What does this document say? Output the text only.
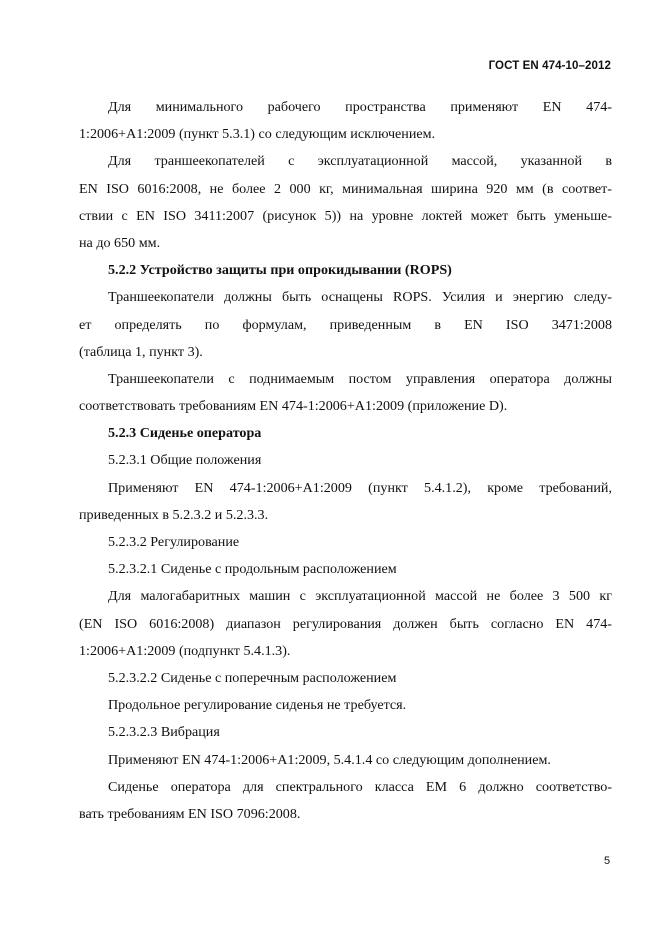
ГОСТ EN 474-10–2012
Для минимального рабочего пространства применяют EN 474-
1:2006+А1:2009 (пункт 5.3.1) со следующим исключением.
Для траншеекопателей с эксплуатационной массой, указанной в
EN ISO 6016:2008, не более 2 000 кг, минимальная ширина 920 мм (в соответ-
ствии с EN ISO 3411:2007 (рисунок 5)) на уровне локтей может быть уменьше-
на до 650 мм.
5.2.2 Устройство защиты при опрокидывании (ROPS)
Траншеекопатели должны быть оснащены ROPS. Усилия и энергию следу-
ет определять по формулам, приведенным в EN ISO 3471:2008
(таблица 1, пункт 3).
Траншеекопатели с поднимаемым постом управления оператора должны
соответствовать требованиям EN 474-1:2006+А1:2009 (приложение D).
5.2.3 Сиденье оператора
5.2.3.1 Общие положения
Применяют EN 474-1:2006+А1:2009 (пункт 5.4.1.2), кроме требований,
приведенных в 5.2.3.2 и 5.2.3.3.
5.2.3.2 Регулирование
5.2.3.2.1 Сиденье с продольным расположением
Для малогабаритных машин с эксплуатационной массой не более 3 500 кг
(EN ISO 6016:2008) диапазон регулирования должен быть согласно EN 474-
1:2006+А1:2009 (подпункт 5.4.1.3).
5.2.3.2.2 Сиденье с поперечным расположением
Продольное регулирование сиденья не требуется.
5.2.3.2.3 Вибрация
Применяют EN 474-1:2006+А1:2009, 5.4.1.4 со следующим дополнением.
Сиденье оператора для спектрального класса ЕМ 6 должно соответство-
вать требованиям EN ISO 7096:2008.
5
